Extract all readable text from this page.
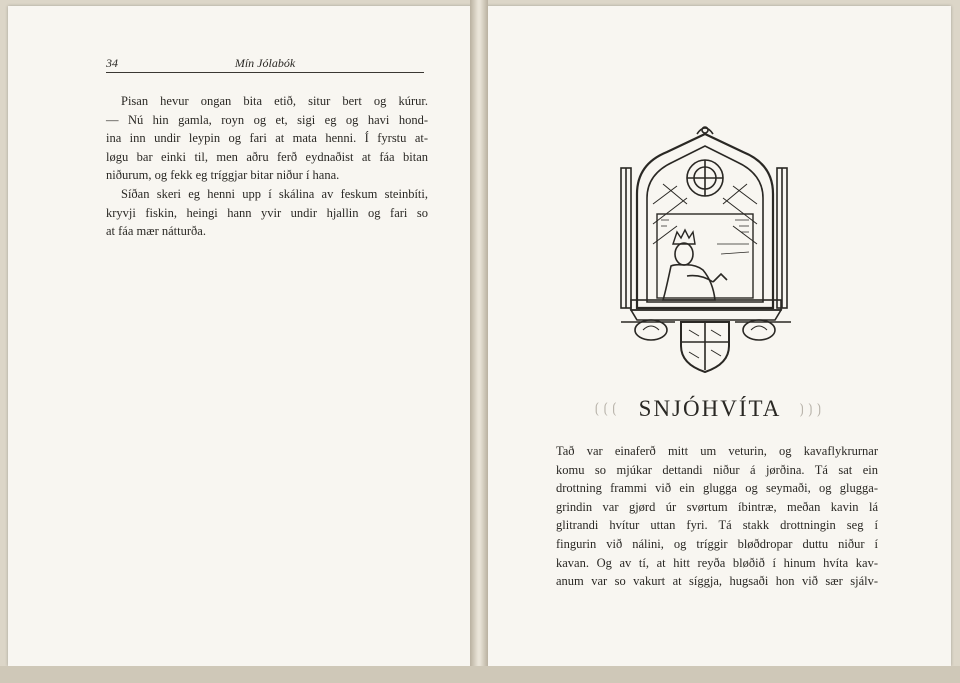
34	Mín Jólabók
Pisan hevur ongan bita etið, situr bert og kúrur.
— Nú hin gamla, royn og et, sigi eg og havi hond-
ina inn undir leypin og fari at mata henni. Í fyrstu at-
løgu bar einki til, men aðru ferð eydnaðist at fáa bitan
niðurum, og fekk eg tríggjar bitar niður í hana.
Síðan skeri eg henni upp í skálina av feskum steinbíti,
kryvji fiskin, heingi hann yvir undir hjallin og fari so
at fáa mær nátturða.
⟮⟮⟮ SNJÓHVÍTA ⟯⟯⟯
Tað var einaferð mitt um veturin, og kavaflykrurnar
komu so mjúkar dettandi niður á jørðina. Tá sat ein
drottning frammi við ein glugga og seymaði, og glugga-
grindin var gjørd úr svørtum íbintræ, meðan kavin lá
glitrandi hvítur uttan fyri. Tá stakk drottningin seg í
fingurin við nálini, og tríggir bløðdropar duttu niður í
kavan. Og av tí, at hitt reyða bløðið í hinum hvíta kav-
anum var so vakurt at síggja, hugsaði hon við sær sjálv-
